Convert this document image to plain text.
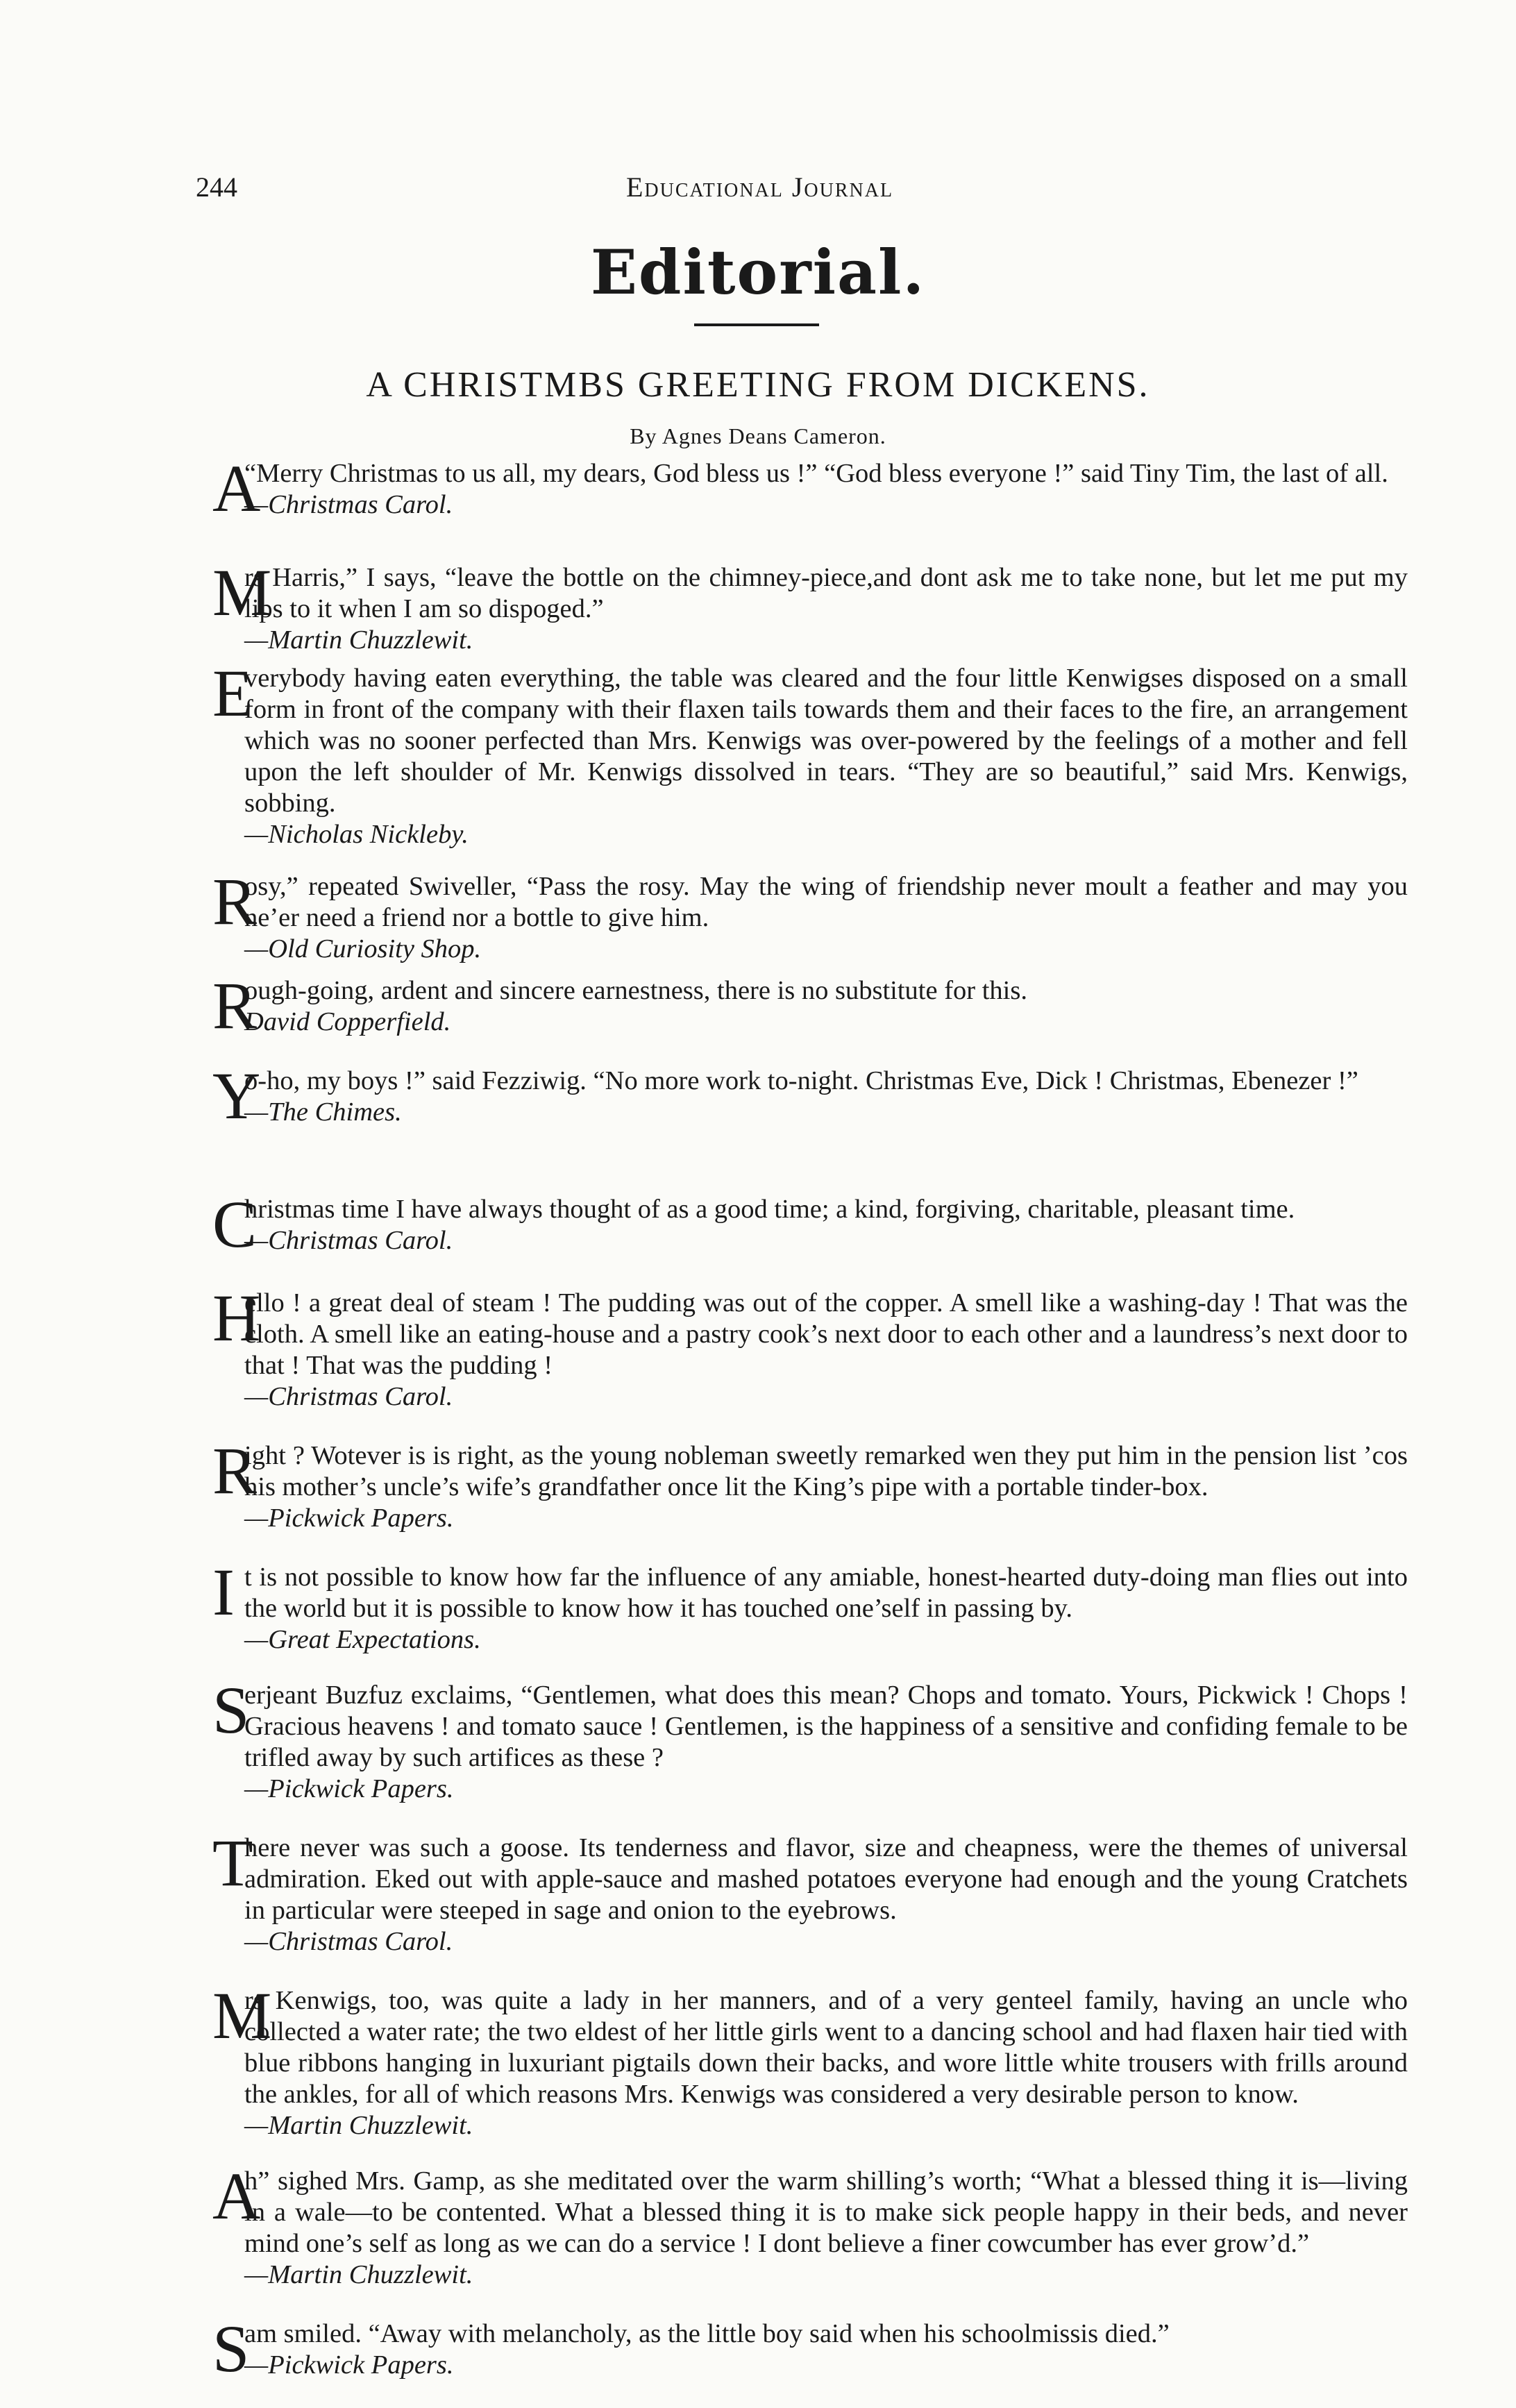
244	Educational Journal
Editorial.
A CHRISTMBS GREETING FROM DICKENS.
By Agnes Deans Cameron.
A
“Merry Christmas to us all, my dears, God bless us !” “God bless everyone !” said Tiny Tim, the last of all.
—Christmas Carol.
M
rs Harris,” I says, “leave the bottle on the chimney-piece,and dont ask me to take none, but let me put my lips to it when I am so dispoged.”
—Martin Chuzzlewit.
E
verybody having eaten everything, the table was cleared and the four little Kenwigses disposed on a small form in front of the company with their flaxen tails towards them and their faces to the fire, an arrangement which was no sooner perfected than Mrs. Kenwigs was over-powered by the feelings of a mother and fell upon the left shoulder of Mr. Kenwigs dissolved in tears. “They are so beautiful,” said Mrs. Kenwigs, sobbing.
—Nicholas Nickleby.
R
osy,” repeated Swiveller, “Pass the rosy. May the wing of friendship never moult a feather and may you ne’er need a friend nor a bottle to give him.
—Old Curiosity Shop.
R
ough-going, ardent and sincere earnestness, there is no substitute for this.
David Copperfield.
Y
o-ho, my boys !” said Fezziwig. “No more work to-night. Christmas Eve, Dick ! Christmas, Ebenezer !”
—The Chimes.
C
hristmas time I have always thought of as a good time; a kind, forgiving, charitable, pleasant time.
—Christmas Carol.
H
ello ! a great deal of steam ! The pudding was out of the copper. A smell like a washing-day ! That was the cloth. A smell like an eating-house and a pastry cook’s next door to each other and a laundress’s next door to that ! That was the pudding !
—Christmas Carol.
R
ight ? Wotever is is right, as the young nobleman sweetly remarked wen they put him in the pension list ’cos his mother’s uncle’s wife’s grandfather once lit the King’s pipe with a portable tinder-box.
—Pickwick Papers.
I t is not possible to know how far the influence of any amiable, honest-hearted duty-doing man flies out into the world but it is possible to know how it has touched one’self in passing by.
—Great Expectations.
S
erjeant Buzfuz exclaims, “Gentlemen, what does this mean? Chops and tomato. Yours, Pickwick ! Chops ! Gracious heavens ! and tomato sauce ! Gentlemen, is the happiness of a sensitive and confiding female to be trifled away by such artifices as these ?
—Pickwick Papers.
T
here never was such a goose. Its tenderness and flavor, size and cheapness, were the themes of universal admiration. Eked out with apple-sauce and mashed potatoes everyone had enough and the young Cratchets in particular were steeped in sage and onion to the eyebrows.
—Christmas Carol.
M
rs Kenwigs, too, was quite a lady in her manners, and of a very genteel family, having an uncle who collected a water rate; the two eldest of her little girls went to a dancing school and had flaxen hair tied with blue ribbons hanging in luxuriant pigtails down their backs, and wore little white trousers with frills around the ankles, for all of which reasons Mrs. Kenwigs was considered a very desirable person to know.
—Martin Chuzzlewit.
A
h” sighed Mrs. Gamp, as she meditated over the warm shilling’s worth; “What a blessed thing it is—living in a wale—to be contented. What a blessed thing it is to make sick people happy in their beds, and never mind one’s self as long as we can do a service ! I dont believe a finer cowcumber has ever grow’d.”
—Martin Chuzzlewit.
S
am smiled. “Away with melancholy, as the little boy said when his schoolmissis died.”
—Pickwick Papers.
